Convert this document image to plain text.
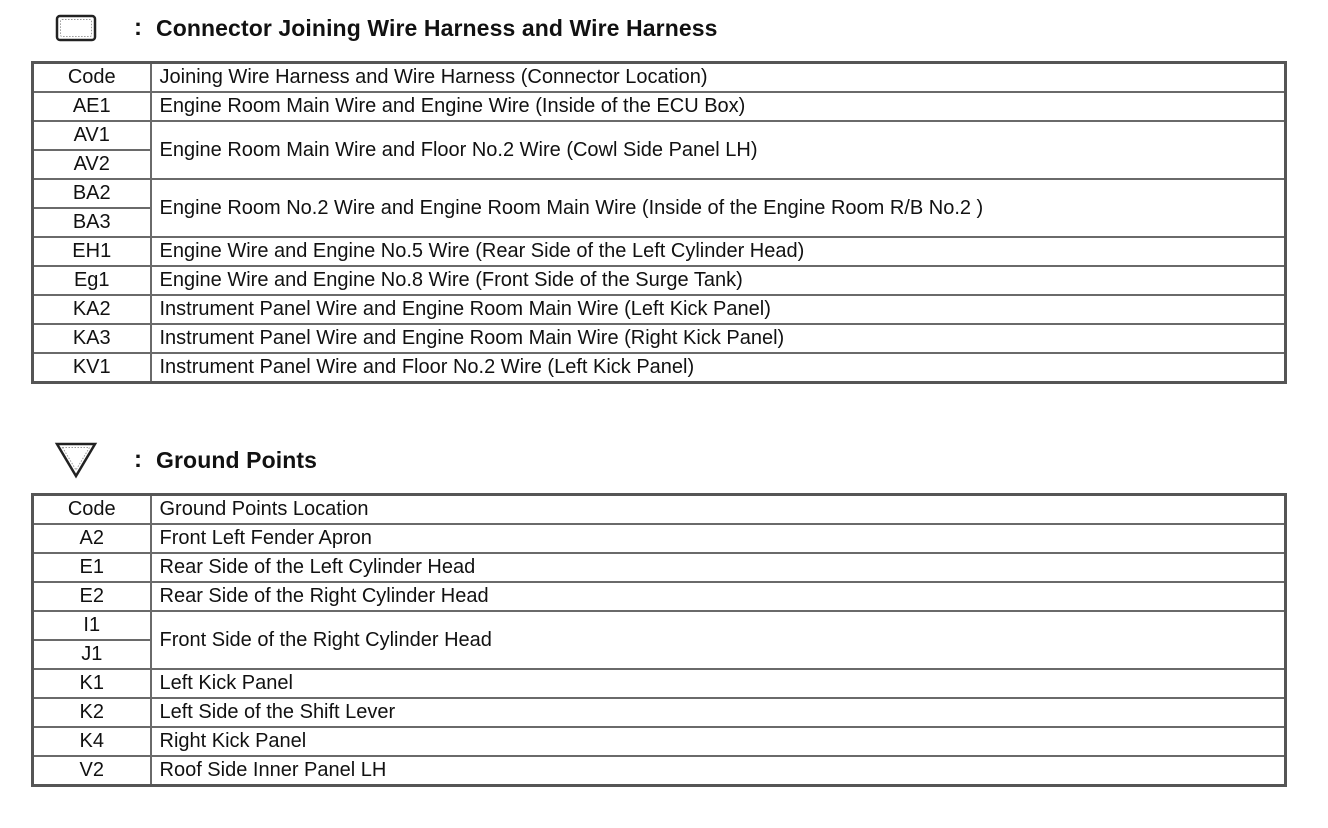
: Connector Joining Wire Harness and Wire Harness
Code	Joining Wire Harness and Wire Harness (Connector Location)
AE1	Engine Room Main Wire and Engine Wire (Inside of the ECU Box)
AV1	Engine Room Main Wire and Floor No.2 Wire (Cowl Side Panel LH)
AV2	
BA2	Engine Room No.2 Wire and Engine Room Main Wire (Inside of the Engine Room R/B No.2 )
BA3	
EH1	Engine Wire and Engine No.5 Wire (Rear Side of the Left Cylinder Head)
Eg1	Engine Wire and Engine No.8 Wire (Front Side of the Surge Tank)
KA2	Instrument Panel Wire and Engine Room Main Wire (Left Kick Panel)
KA3	Instrument Panel Wire and Engine Room Main Wire (Right Kick Panel)
KV1	Instrument Panel Wire and Floor No.2 Wire (Left Kick Panel)
: Ground Points
Code	Ground Points Location
A2	Front Left Fender Apron
E1	Rear Side of the Left Cylinder Head
E2	Rear Side of the Right Cylinder Head
I1	Front Side of the Right Cylinder Head
J1	
K1	Left Kick Panel
K2	Left Side of the Shift Lever
K4	Right Kick Panel
V2	Roof Side Inner Panel LH
